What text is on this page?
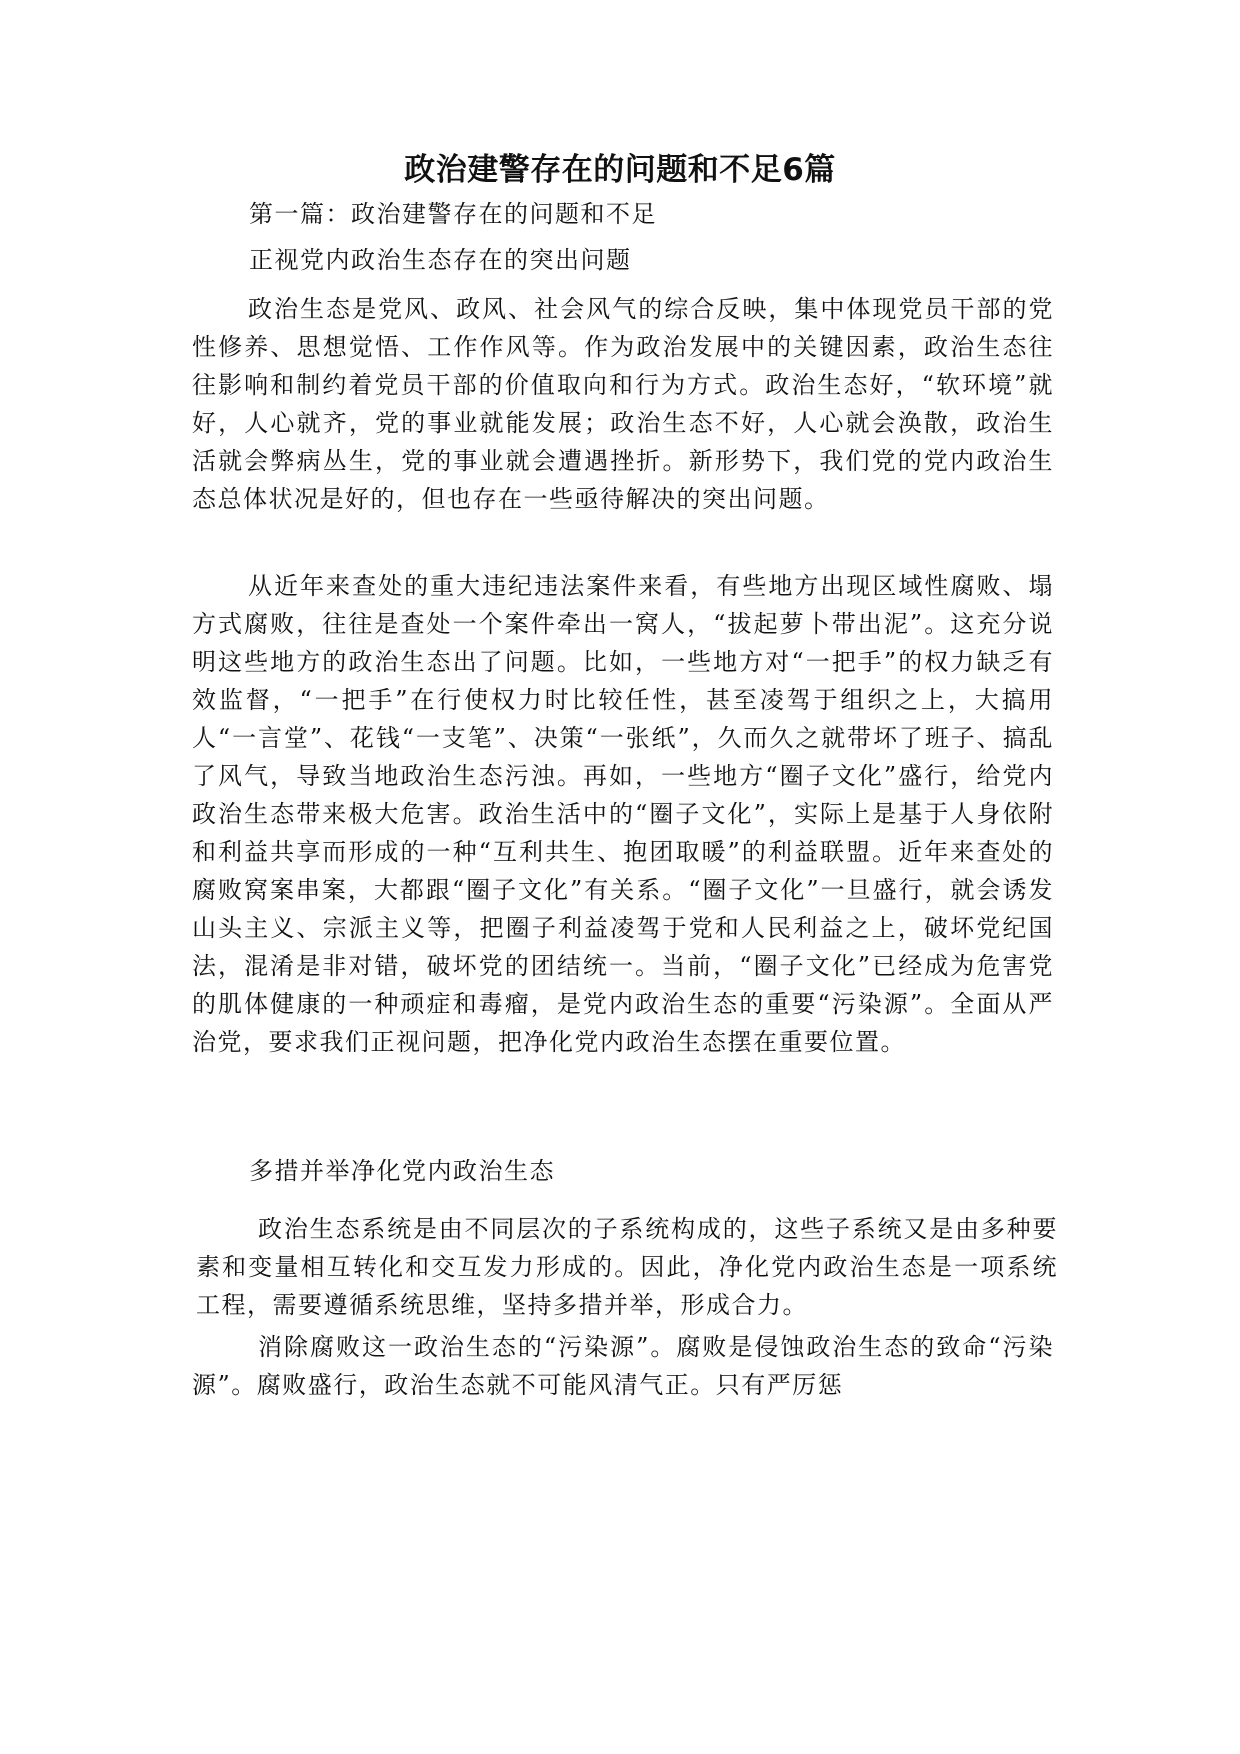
政治建警存在的问题和不足6篇

第一篇：政治建警存在的问题和不足

正视党内政治生态存在的突出问题

政治生态是党风、政风、社会风气的综合反映，集中体现党员干部的党性修养、思想觉悟、工作作风等。作为政治发展中的关键因素，政治生态往往影响和制约着党员干部的价值取向和行为方式。政治生态好，“软环境”就好，人心就齐，党的事业就能发展；政治生态不好，人心就会涣散，政治生活就会弊病丛生，党的事业就会遭遇挫折。新形势下，我们党的党内政治生态总体状况是好的，但也存在一些亟待解决的突出问题。

从近年来查处的重大违纪违法案件来看，有些地方出现区域性腐败、塌方式腐败，往往是查处一个案件牵出一窝人，“拔起萝卜带出泥”。这充分说明这些地方的政治生态出了问题。比如，一些地方对“一把手”的权力缺乏有效监督，“一把手”在行使权力时比较任性，甚至凌驾于组织之上，大搞用人“一言堂”、花钱“一支笔”、决策“一张纸”，久而久之就带坏了班子、搞乱了风气，导致当地政治生态污浊。再如，一些地方“圈子文化”盛行，给党内政治生态带来极大危害。政治生活中的“圈子文化”，实际上是基于人身依附和利益共享而形成的一种“互利共生、抱团取暖”的利益联盟。近年来查处的腐败窝案串案，大都跟“圈子文化”有关系。“圈子文化”一旦盛行，就会诱发山头主义、宗派主义等，把圈子利益凌驾于党和人民利益之上，破坏党纪国法，混淆是非对错，破坏党的团结统一。当前，“圈子文化”已经成为危害党的肌体健康的一种顽症和毒瘤，是党内政治生态的重要“污染源”。全面从严治党，要求我们正视问题，把净化党内政治生态摆在重要位置。

多措并举净化党内政治生态

政治生态系统是由不同层次的子系统构成的，这些子系统又是由多种要素和变量相互转化和交互发力形成的。因此，净化党内政治生态是一项系统工程，需要遵循系统思维，坚持多措并举，形成合力。

消除腐败这一政治生态的“污染源”。腐败是侵蚀政治生态的致命“污染源”。腐败盛行，政治生态就不可能风清气正。只有严厉惩
